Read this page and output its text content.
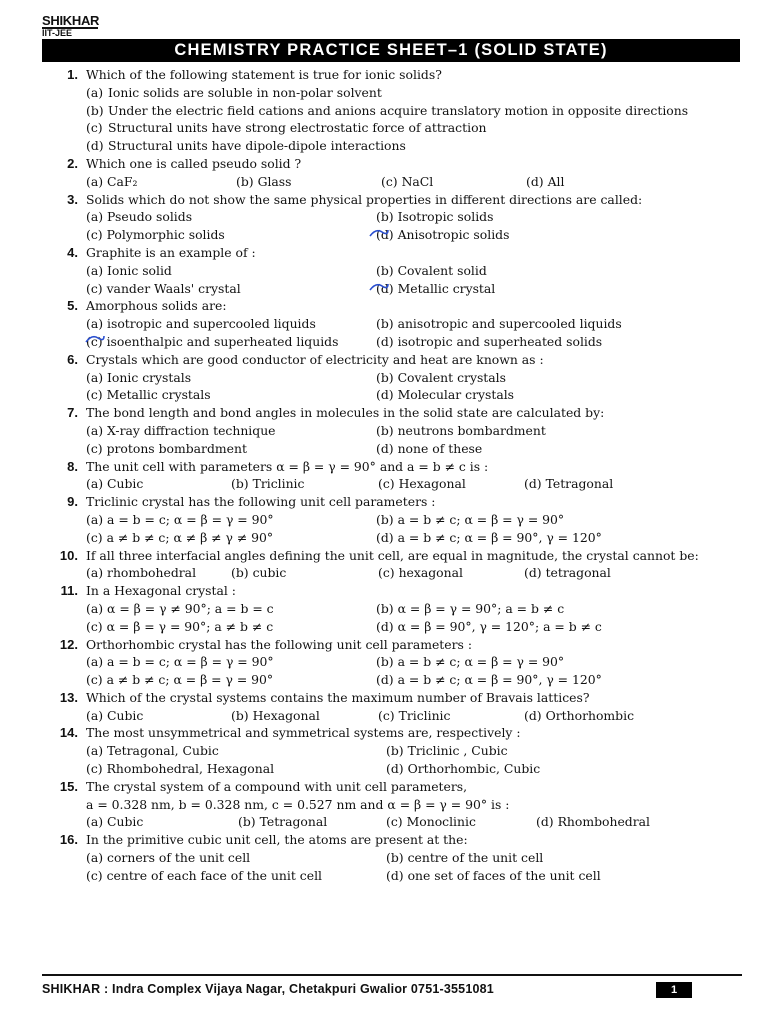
SHIKHAR
IIT-JEE
CHEMISTRY PRACTICE SHEET–1 (SOLID STATE)
1. Which of the following statement is true for ionic solids?
(a) Ionic solids are soluble in non-polar solvent
(b) Under the electric field cations and anions acquire translatory motion in opposite directions
(c) Structural units have strong electrostatic force of attraction
(d) Structural units have dipole-dipole interactions
2. Which one is called pseudo solid ?
(a) CaF₂	(b) Glass	(c) NaCl	(d) All
3. Solids which do not show the same physical properties in different directions are called:
(a) Pseudo solids	(b) Isotropic solids
(c) Polymorphic solids	(d) Anisotropic solids
4. Graphite is an example of :
(a) Ionic solid	(b) Covalent solid
(c) vander Waals' crystal	(d) Metallic crystal
5. Amorphous solids are:
(a) isotropic and supercooled liquids	(b) anisotropic and supercooled liquids
(c) isoenthalpic and superheated liquids	(d) isotropic and superheated solids
6. Crystals which are good conductor of electricity and heat are known as :
(a) Ionic crystals	(b) Covalent crystals
(c) Metallic crystals	(d) Molecular crystals
7. The bond length and bond angles in molecules in the solid state are calculated by:
(a) X-ray diffraction technique	(b) neutrons bombardment
(c) protons bombardment	(d) none of these
8. The unit cell with parameters α = β = γ = 90° and a = b ≠ c is :
(a) Cubic	(b) Triclinic	(c) Hexagonal	(d) Tetragonal
9. Triclinic crystal has the following unit cell parameters :
(a) a = b = c; α = β = γ = 90°	(b) a = b ≠ c; α = β = γ = 90°
(c) a ≠ b ≠ c; α ≠ β ≠ γ ≠ 90°	(d) a = b ≠ c; α = β = 90°, γ = 120°
10. If all three interfacial angles defining the unit cell, are equal in magnitude, the crystal cannot be:
(a) rhombohedral	(b) cubic	(c) hexagonal	(d) tetragonal
11. In a Hexagonal crystal :
(a) α = β = γ ≠ 90°; a = b = c	(b) α = β = γ = 90°; a = b ≠ c
(c) α = β = γ = 90°; a ≠ b ≠ c	(d) α = β = 90°, γ = 120°; a = b ≠ c
12. Orthorhombic crystal has the following unit cell parameters :
(a) a = b = c; α = β = γ = 90°	(b) a = b ≠ c; α = β = γ = 90°
(c) a ≠ b ≠ c; α = β = γ = 90°	(d) a = b ≠ c; α = β = 90°, γ = 120°
13. Which of the crystal systems contains the maximum number of Bravais lattices?
(a) Cubic	(b) Hexagonal	(c) Triclinic	(d) Orthorhombic
14. The most unsymmetrical and symmetrical systems are, respectively :
(a) Tetragonal, Cubic	(b) Triclinic , Cubic
(c) Rhombohedral, Hexagonal	(d) Orthorhombic, Cubic
15. The crystal system of a compound with unit cell parameters,
a = 0.328 nm, b = 0.328 nm, c = 0.527 nm and α = β = γ = 90° is :
(a) Cubic	(b) Tetragonal	(c) Monoclinic	(d) Rhombohedral
16. In the primitive cubic unit cell, the atoms are present at the:
(a) corners of the unit cell	(b) centre of the unit cell
(c) centre of each face of the unit cell	(d) one set of faces of the unit cell
SHIKHAR : Indra Complex Vijaya Nagar, Chetakpuri Gwalior 0751-3551081	1
